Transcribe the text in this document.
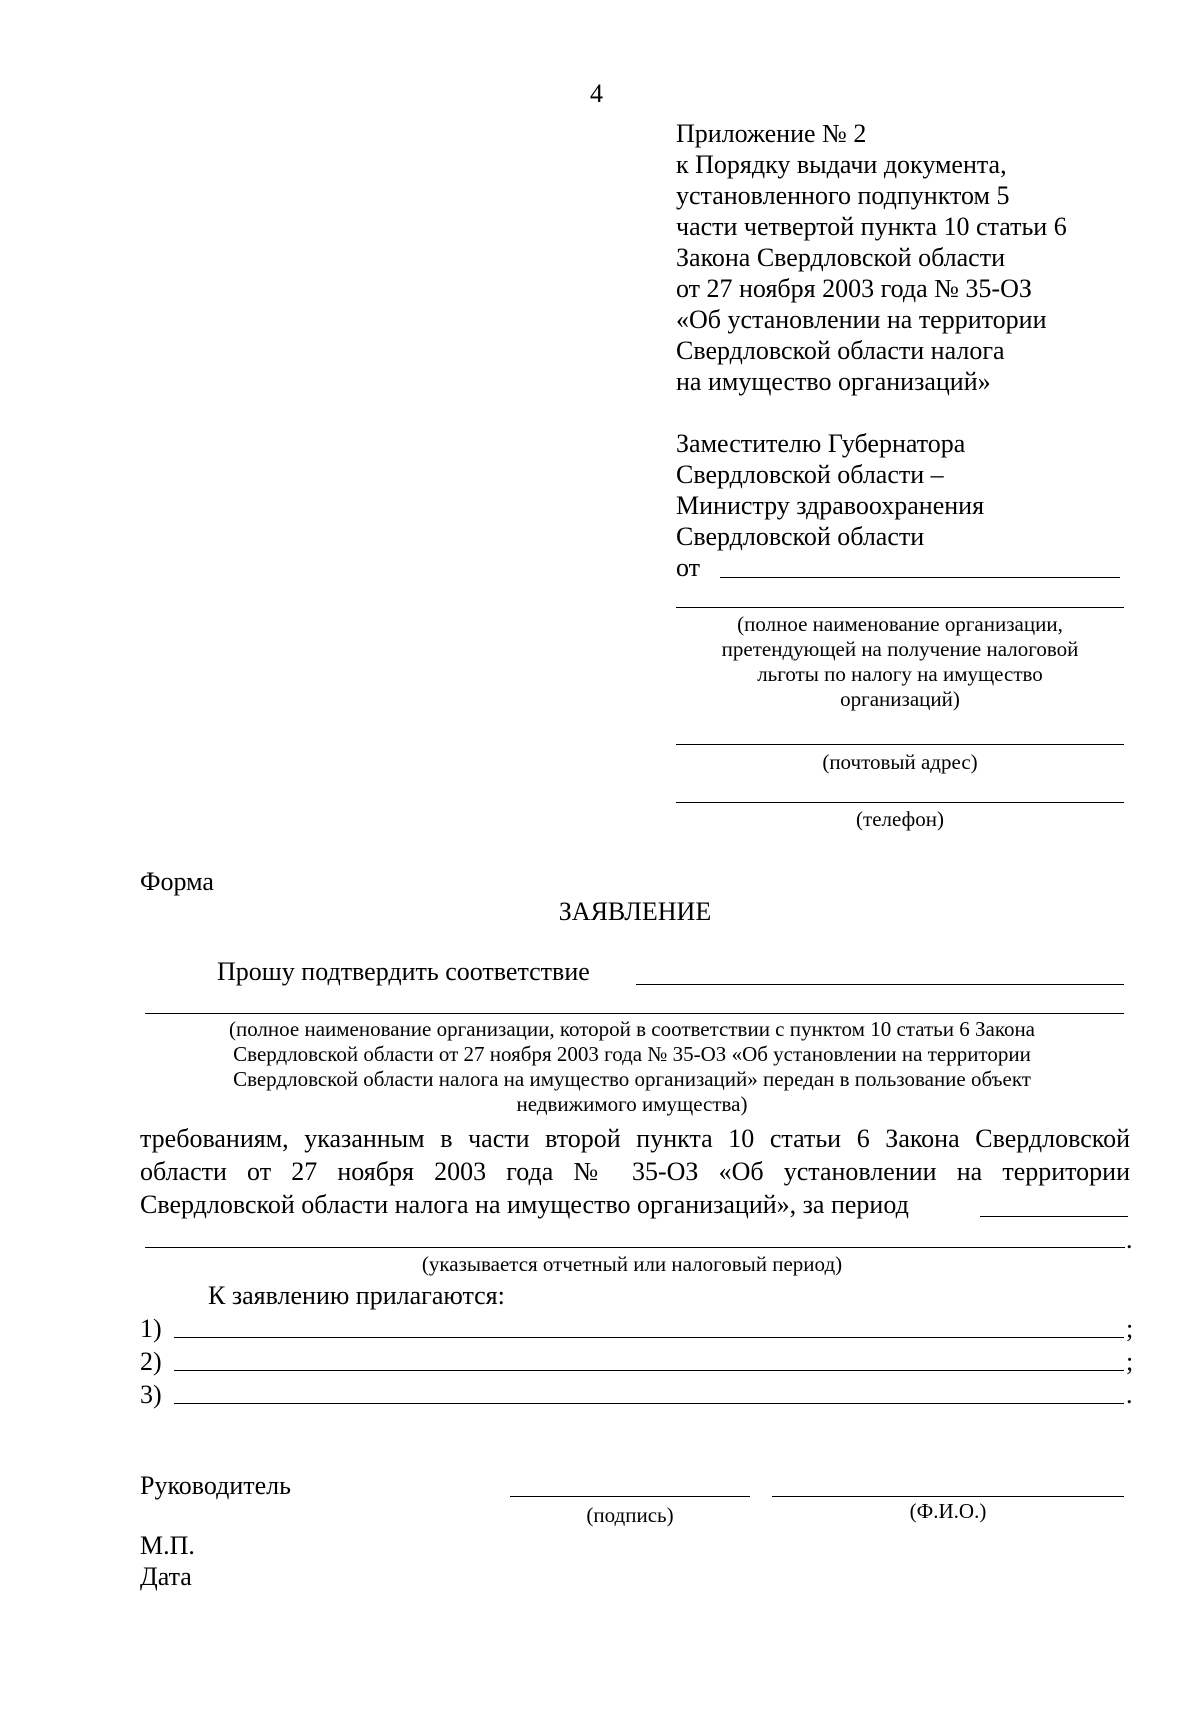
4
Приложение № 2
к Порядку выдачи документа,
установленного подпунктом 5
части четвертой пункта 10 статьи 6
Закона Свердловской области
от 27 ноября 2003 года № 35-ОЗ
«Об установлении на территории
Свердловской области налога
на имущество организаций»
Заместителю Губернатора
Свердловской области –
Министру здравоохранения
Свердловской области
от
(полное наименование организации,
претендующей на получение налоговой
льготы по налогу на имущество
организаций)
(почтовый адрес)
(телефон)
Форма
ЗАЯВЛЕНИЕ
Прошу подтвердить соответствие
(полное наименование организации, которой в соответствии с пунктом 10 статьи 6 Закона
Свердловской области от 27 ноября 2003 года № 35-ОЗ «Об установлении на территории
Свердловской области налога на имущество организаций» передан в пользование объект
недвижимого имущества)
требованиям, указанным в части второй пункта 10 статьи 6 Закона Свердловской
области от 27 ноября 2003 года № 35-ОЗ «Об установлении на территории
Свердловской области налога на имущество организаций», за период
.
(указывается отчетный или налоговый период)
К заявлению прилагаются:
1)	;
2)	;
3)	.
Руководитель
(подпись)	(Ф.И.О.)
М.П.
Дата
